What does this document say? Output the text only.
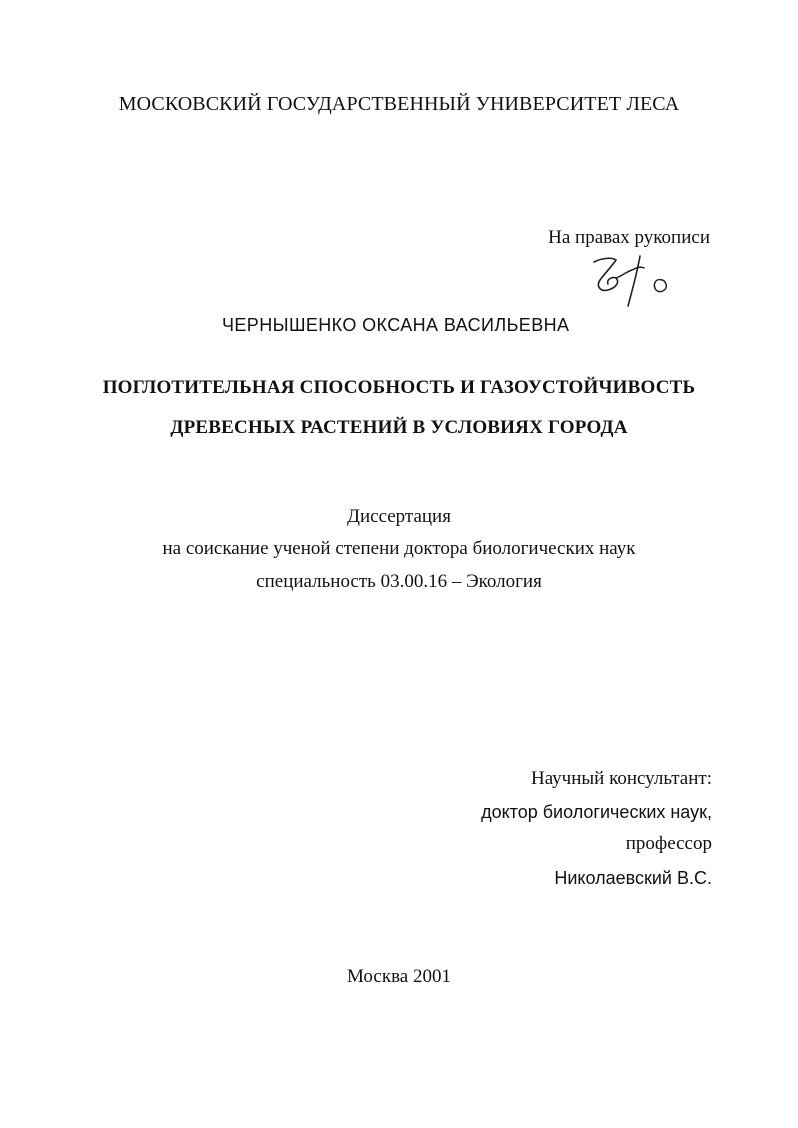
МОСКОВСКИЙ ГОСУДАРСТВЕННЫЙ УНИВЕРСИТЕТ ЛЕСА
На правах рукописи
ЧЕРНЫШЕНКО ОКСАНА ВАСИЛЬЕВНА
ПОГЛОТИТЕЛЬНАЯ СПОСОБНОСТЬ И ГАЗОУСТОЙЧИВОСТЬ
ДРЕВЕСНЫХ РАСТЕНИЙ В УСЛОВИЯХ ГОРОДА
Диссертация
на соискание ученой степени доктора биологических наук
специальность 03.00.16 – Экология
Научный консультант:
доктор биологических наук,
профессор
Николаевский В.С.
Москва 2001
